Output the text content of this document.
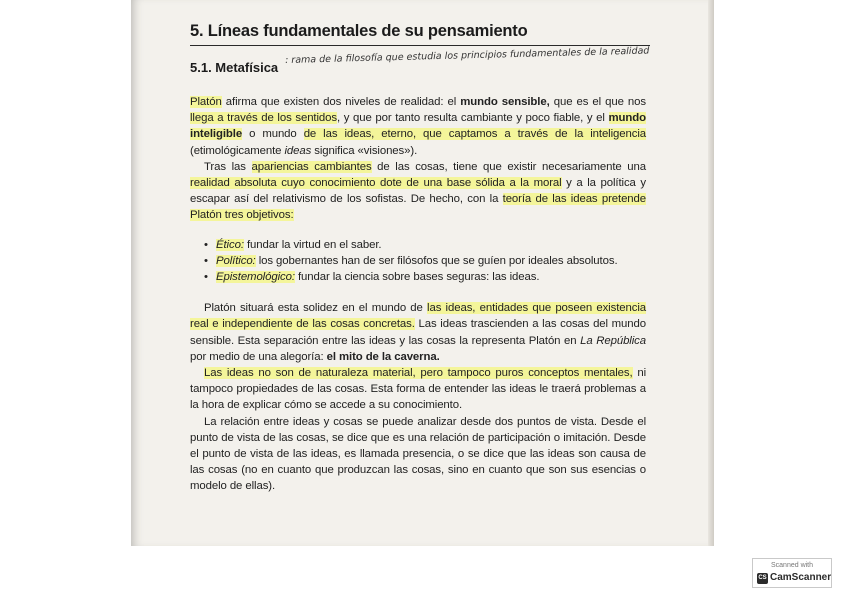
5. Líneas fundamentales de su pensamiento
5.1. Metafísica
: rama de la filosofía que estudia los principios fundamentales de la realidad

Platón afirma que existen dos niveles de realidad: el mundo sensible, que es el que nos llega a través de los sentidos, y que por tanto resulta cambiante y poco fiable, y el mundo inteligible o mundo de las ideas, eterno, que captamos a través de la inteligencia (etimológicamente ideas significa «visiones»).

Tras las apariencias cambiantes de las cosas, tiene que existir necesariamente una realidad absoluta cuyo conocimiento dote de una base sólida a la moral y a la política y escapar así del relativismo de los sofistas. De hecho, con la teoría de las ideas pretende Platón tres objetivos:

• Ético: fundar la virtud en el saber.
• Político: los gobernantes han de ser filósofos que se guíen por ideales absolutos.
• Epistemológico: fundar la ciencia sobre bases seguras: las ideas.

Platón situará esta solidez en el mundo de las ideas, entidades que poseen existencia real e independiente de las cosas concretas. Las ideas trascienden a las cosas del mundo sensible. Esta separación entre las ideas y las cosas la representa Platón en La República por medio de una alegoría: el mito de la caverna.

Las ideas no son de naturaleza material, pero tampoco puros conceptos mentales, ni tampoco propiedades de las cosas. Esta forma de entender las ideas le traerá problemas a la hora de explicar cómo se accede a su conocimiento.

La relación entre ideas y cosas se puede analizar desde dos puntos de vista. Desde el punto de vista de las cosas, se dice que es una relación de participación o imitación. Desde el punto de vista de las ideas, es llamada presencia, o se dice que las ideas son causa de las cosas (no en cuanto que produzcan las cosas, sino en cuanto que son sus esencias o modelo de ellas).

Scanned with
CS CamScanner
